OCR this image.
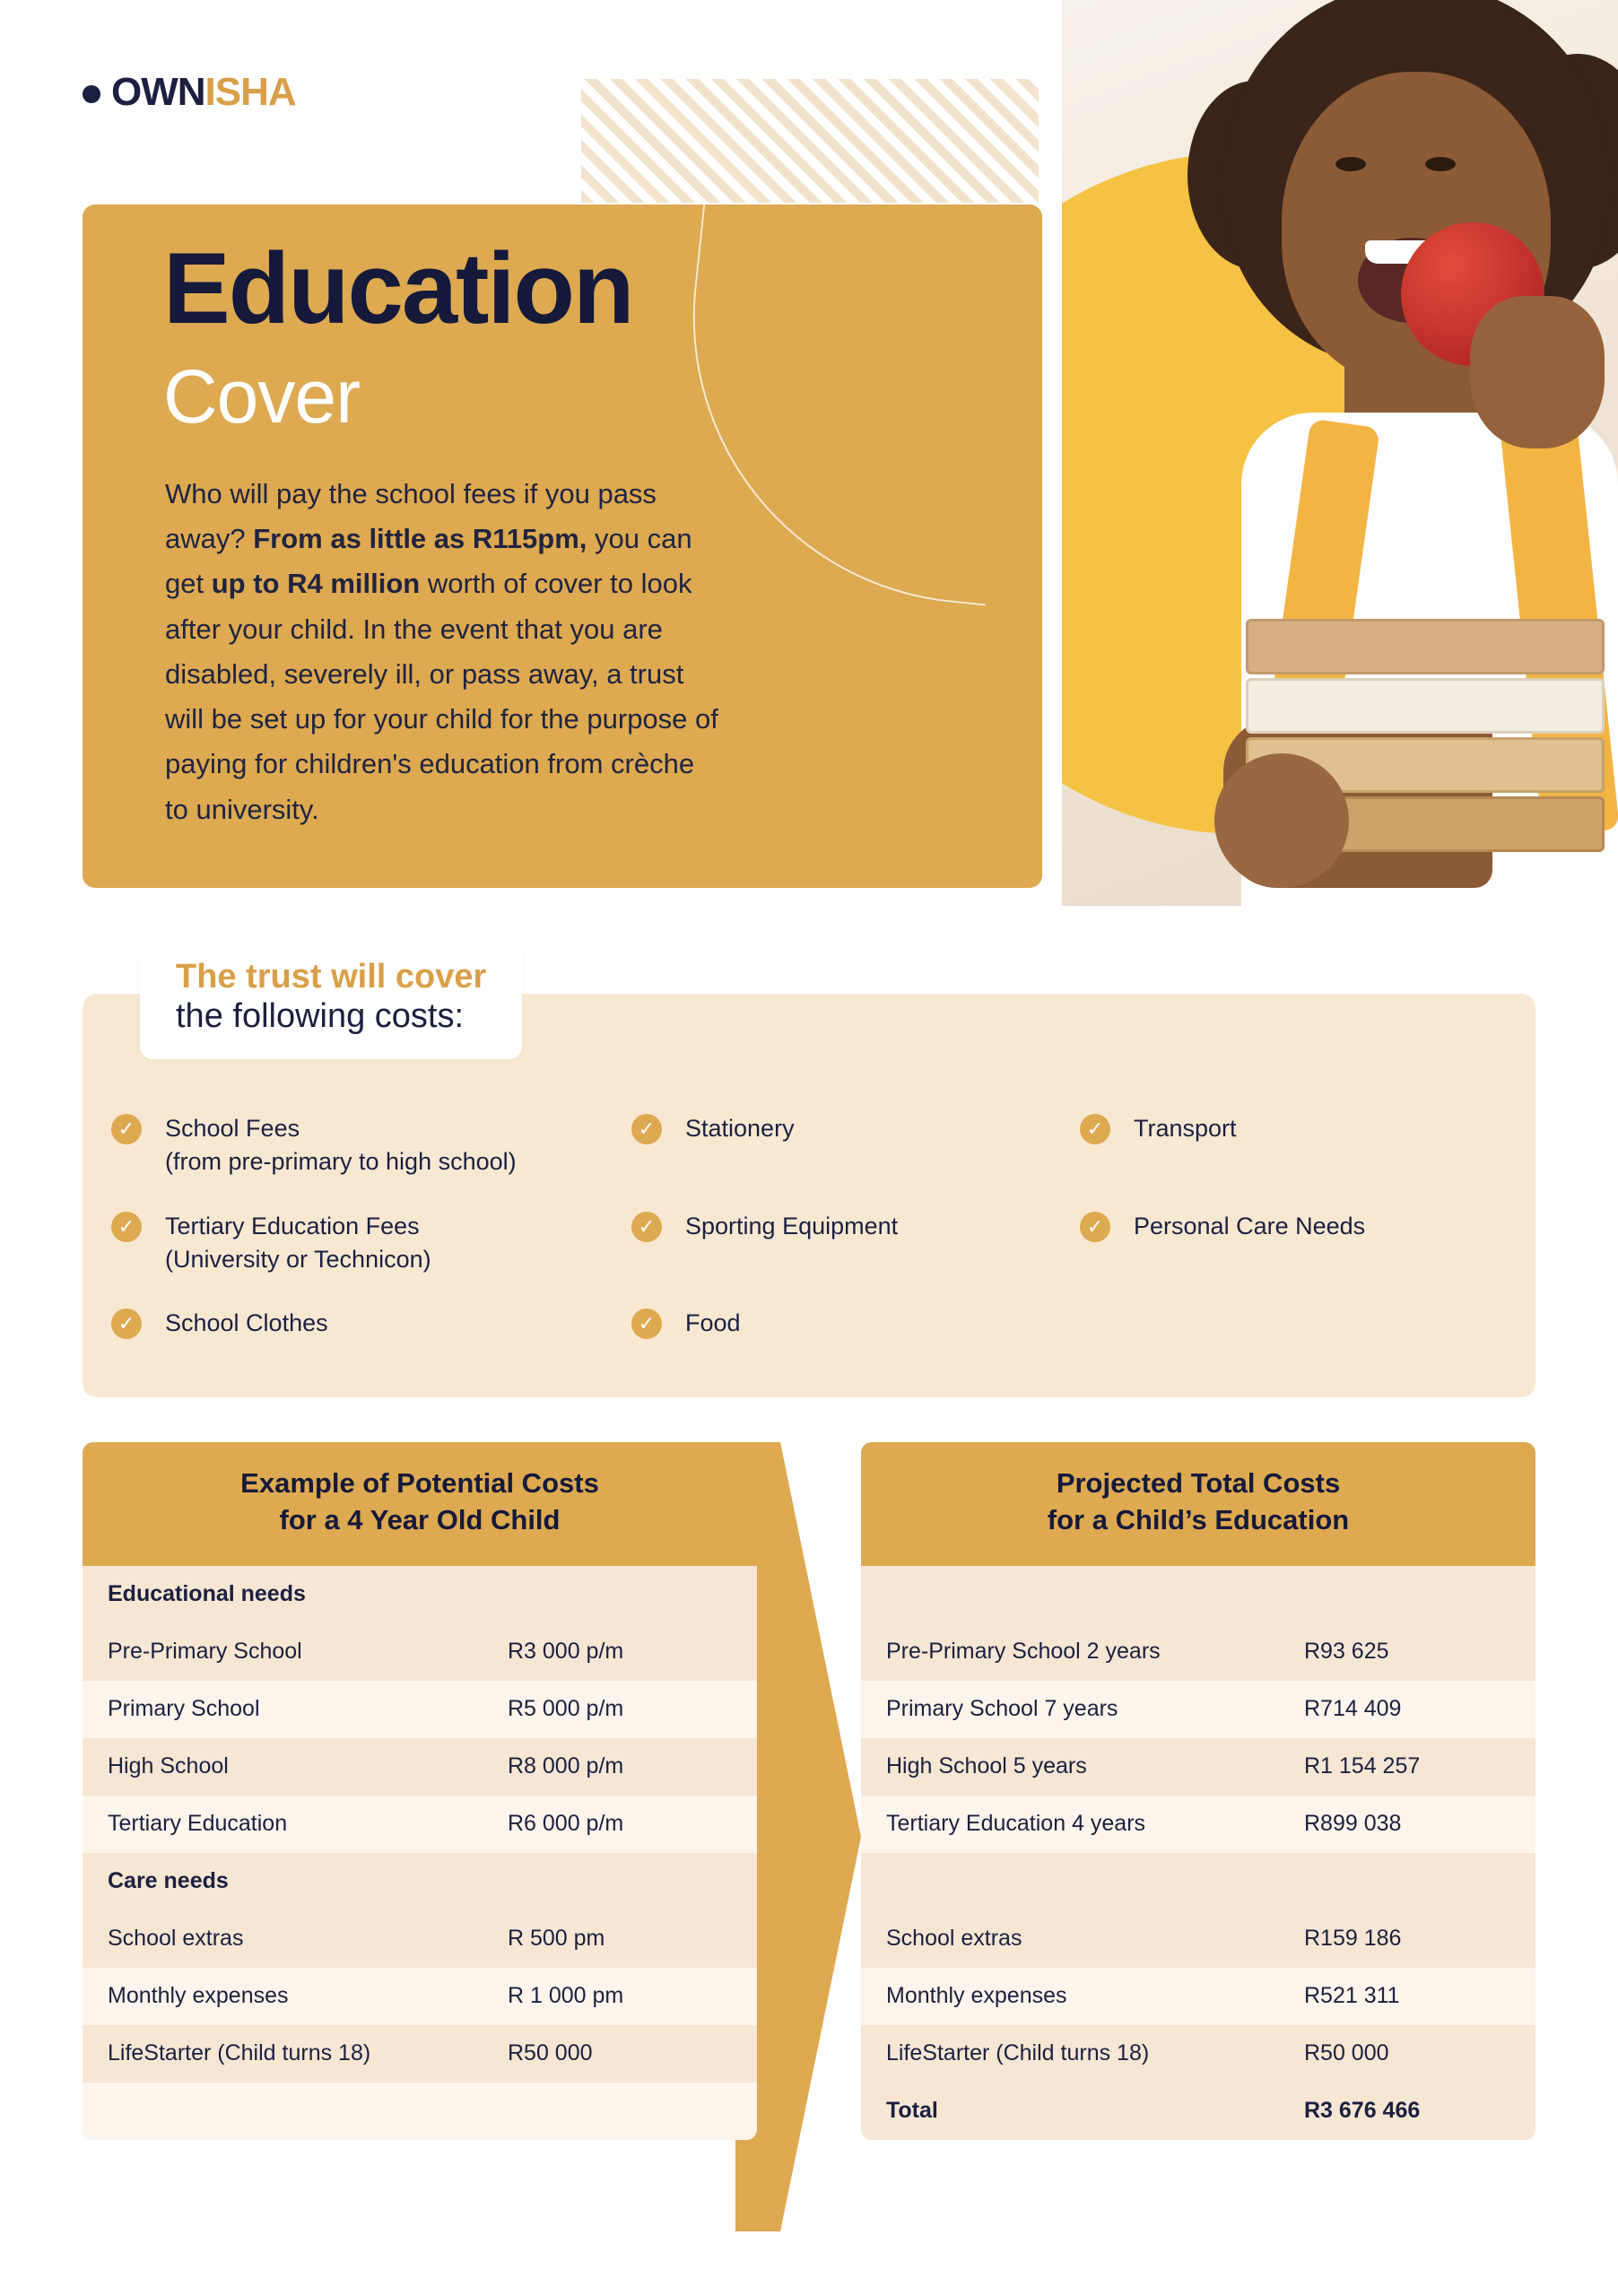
OWNISHA
Education
Cover
Who will pay the school fees if you pass away? From as little as R115pm, you can get up to R4 million worth of cover to look after your child. In the event that you are disabled, severely ill, or pass away, a trust will be set up for your child for the purpose of paying for children's education from crèche to university.
The trust will cover
the following costs:
✓ School Fees
(from pre-primary to high school)
✓ Stationery	✓ Transport
✓ Tertiary Education Fees
(University or Technicon)
✓ Sporting Equipment	✓ Personal Care Needs
✓ School Clothes	✓ Food
Example of Potential Costs
for a 4 Year Old Child
Educational needs
Pre-Primary School	R3 000 p/m
Primary School	R5 000 p/m
High School	R8 000 p/m
Tertiary Education	R6 000 p/m
Care needs
School extras	R 500 pm
Monthly expenses	R 1 000 pm
LifeStarter (Child turns 18)	R50 000
Projected Total Costs
for a Child’s Education
Pre-Primary School 2 years	R93 625
Primary School 7 years	R714 409
High School 5 years	R1 154 257
Tertiary Education 4 years	R899 038
School extras	R159 186
Monthly expenses	R521 311
LifeStarter (Child turns 18)	R50 000
Total	R3 676 466
